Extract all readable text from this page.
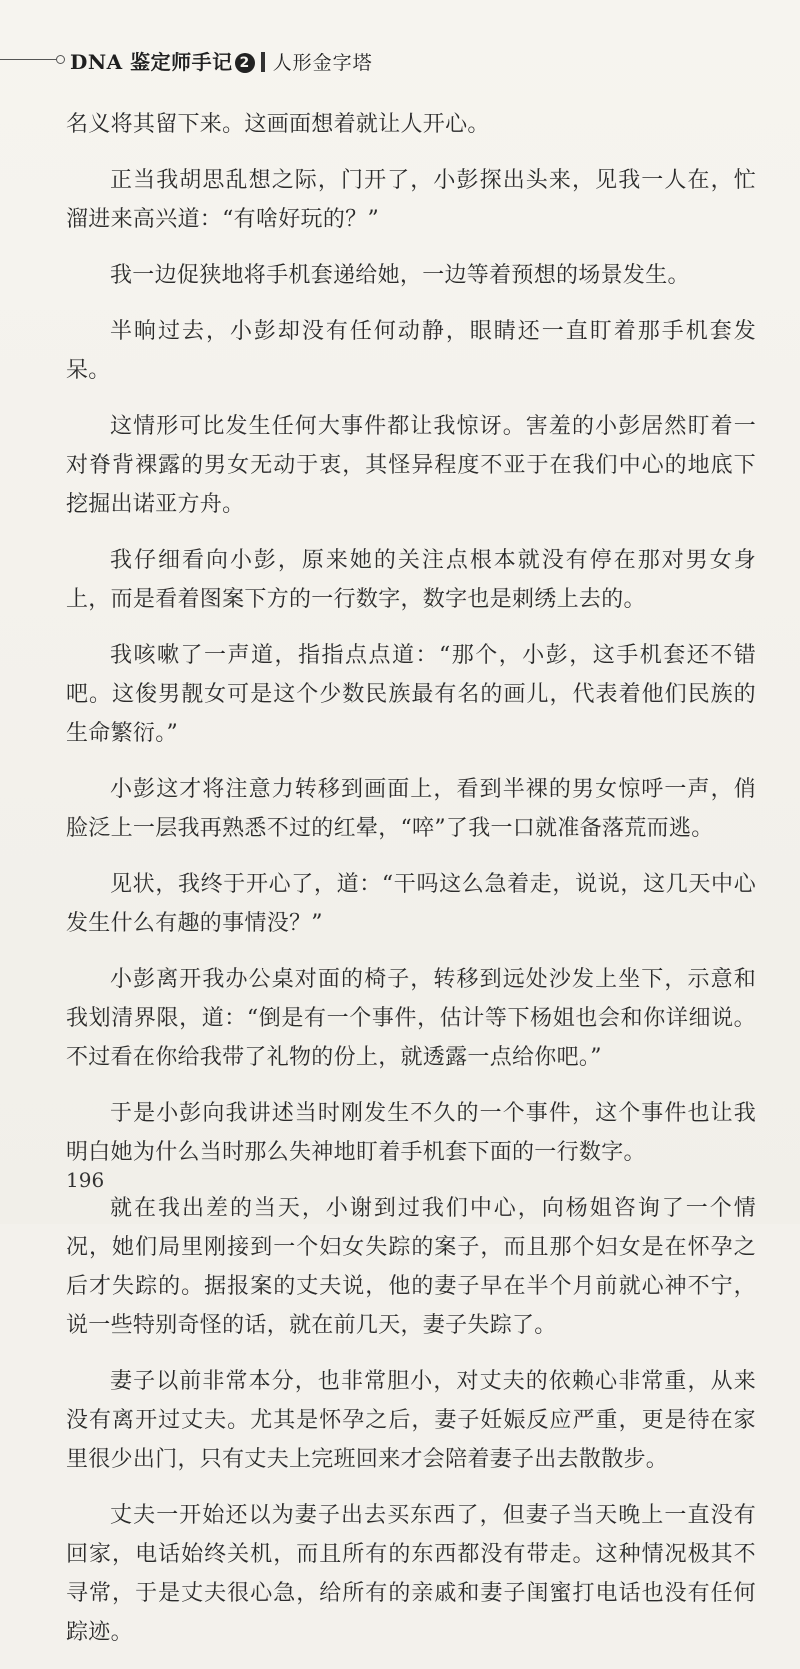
DNA 鉴定师手记 2 人形金字塔

名义将其留下来。这画面想着就让人开心。

正当我胡思乱想之际，门开了，小彭探出头来，见我一人在，忙溜进来高兴道：“有啥好玩的？”

我一边促狭地将手机套递给她，一边等着预想的场景发生。

半晌过去，小彭却没有任何动静，眼睛还一直盯着那手机套发呆。

这情形可比发生任何大事件都让我惊讶。害羞的小彭居然盯着一对脊背裸露的男女无动于衷，其怪异程度不亚于在我们中心的地底下挖掘出诺亚方舟。

我仔细看向小彭，原来她的关注点根本就没有停在那对男女身上，而是看着图案下方的一行数字，数字也是刺绣上去的。

我咳嗽了一声道，指指点点道：“那个，小彭，这手机套还不错吧。这俊男靓女可是这个少数民族最有名的画儿，代表着他们民族的生命繁衍。”

小彭这才将注意力转移到画面上，看到半裸的男女惊呼一声，俏脸泛上一层我再熟悉不过的红晕，“啐”了我一口就准备落荒而逃。

见状，我终于开心了，道：“干吗这么急着走，说说，这几天中心发生什么有趣的事情没？”

小彭离开我办公桌对面的椅子，转移到远处沙发上坐下，示意和我划清界限，道：“倒是有一个事件，估计等下杨姐也会和你详细说。不过看在你给我带了礼物的份上，就透露一点给你吧。”

于是小彭向我讲述当时刚发生不久的一个事件，这个事件也让我明白她为什么当时那么失神地盯着手机套下面的一行数字。

就在我出差的当天，小谢到过我们中心，向杨姐咨询了一个情况，她们局里刚接到一个妇女失踪的案子，而且那个妇女是在怀孕之后才失踪的。据报案的丈夫说，他的妻子早在半个月前就心神不宁，说一些特别奇怪的话，就在前几天，妻子失踪了。

妻子以前非常本分，也非常胆小，对丈夫的依赖心非常重，从来没有离开过丈夫。尤其是怀孕之后，妻子妊娠反应严重，更是待在家里很少出门，只有丈夫上完班回来才会陪着妻子出去散散步。

丈夫一开始还以为妻子出去买东西了，但妻子当天晚上一直没有回家，电话始终关机，而且所有的东西都没有带走。这种情况极其不寻常，于是丈夫很心急，给所有的亲戚和妻子闺蜜打电话也没有任何踪迹。

196
